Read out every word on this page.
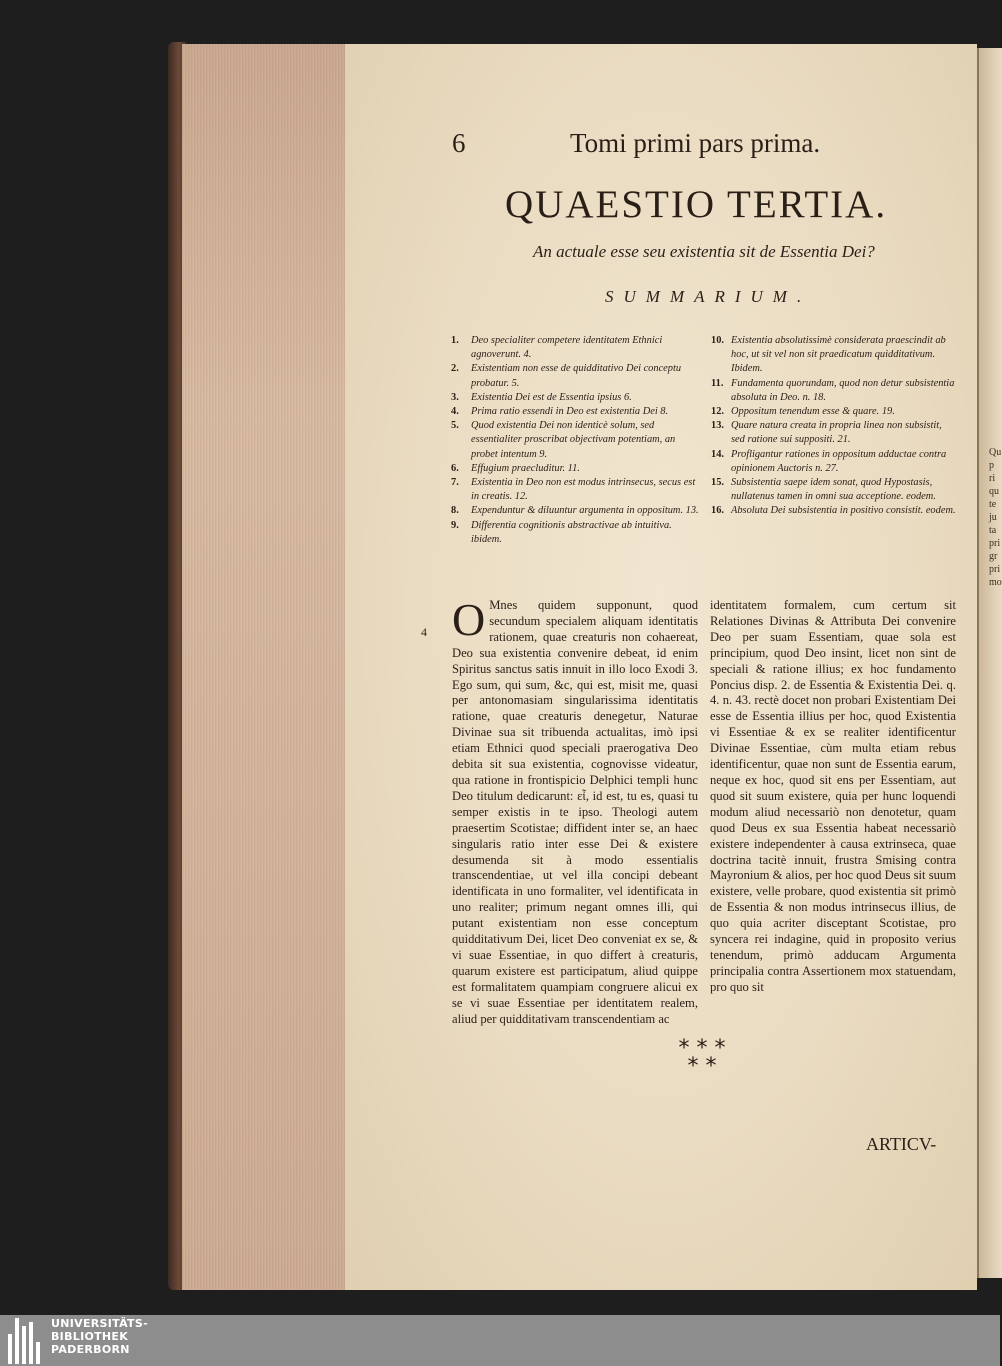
Qu
p
ri
qu
te
ju
ta
pri
gr
pri
mo
6	Tomi primi pars prima.
QUAESTIO TERTIA.
An actuale esse seu existentia sit de Essentia Dei?
SUMMARIUM.
1.	Deo specialiter competere identitatem Ethnici agnoverunt. 4.
2.	Existentiam non esse de quidditativo Dei conceptu probatur. 5.
3.	Existentia Dei est de Essentia ipsius 6.
4.	Prima ratio essendi in Deo est existentia Dei 8.
5.	Quod existentia Dei non identicè solum, sed essentialiter proscribat objectivam potentiam, an probet intentum 9.
6.	Effugium praecluditur. 11.
7.	Existentia in Deo non est modus intrinsecus, secus est in creatis. 12.
8.	Expenduntur & diluuntur argumenta in oppositum. 13.
9.	Differentia cognitionis abstractivae ab intuitiva. ibidem.
10. Existentia absolutissimè considerata praescindit ab hoc, ut sit vel non sit praedicatum quidditativum. Ibidem.
11. Fundamenta quorundam, quod non detur subsistentia absoluta in Deo. n. 18.
12. Oppositum tenendum esse & quare. 19.
13. Quare natura creata in propria linea non subsistit, sed ratione sui suppositi. 21.
14. Profligantur rationes in oppositum adductae contra opinionem Auctoris n. 27.
15. Subsistentia saepe idem sonat, quod Hypostasis, nullatenus tamen in omni sua acceptione. eodem.
16. Absoluta Dei subsistentia in positivo consistit. eodem.
4 O Mnes quidem supponunt, quod secundum specialem aliquam identitatis rationem, quae creaturis non cohaereat, Deo sua existentia convenire debeat, id enim Spiritus sanctus satis innuit in illo loco Exodi 3. Ego sum, qui sum, &c, qui est, misit me, quasi per antonomasiam singularissima identitatis ratione, quae creaturis denegetur, Naturae Divinae sua sit tribuenda actualitas, imò ipsi etiam Ethnici quod speciali praerogativa Deo debita sit sua existentia, cognovisse videatur, qua ratione in frontispicio Delphici templi hunc Deo titulum dedicarunt: εἶ, id est, tu es, quasi tu semper existis in te ipso. Theologi autem praesertim Scotistae; diffident inter se, an haec singularis ratio inter esse Dei & existere desumenda sit à modo essentialis transcendentiae, ut vel illa concipi debeant identificata in uno formaliter, vel identificata in uno realiter; primum negant omnes illi, qui putant existentiam non esse conceptum quidditativum Dei, licet Deo conveniat ex se, & vi suae Essentiae, in quo differt à creaturis, quarum existere est participatum, aliud quippe est formalitatem quampiam congruere alicui ex se vi suae Essentiae per identitatem realem, aliud per quidditativam transcendentiam ac
identitatem formalem, cum certum sit Relationes Divinas & Attributa Dei convenire Deo per suam Essentiam, quae sola est principium, quod Deo insint, licet non sint de speciali & ratione illius; ex hoc fundamento Poncius disp. 2. de Essentia & Existentia Dei. q. 4. n. 43. rectè docet non probari Existentiam Dei esse de Essentia illius per hoc, quod Existentia vi Essentiae & ex se realiter identificentur Divinae Essentiae, cùm multa etiam rebus identificentur, quae non sunt de Essentia earum, neque ex hoc, quod sit ens per Essentiam, aut quod sit suum existere, quia per hunc loquendi modum aliud necessariò non denotetur, quam quod Deus ex sua Essentia habeat necessariò existere independenter à causa extrinseca, quae doctrina tacitè innuit, frustra Smising contra Mayronium & alios, per hoc quod Deus sit suum existere, velle probare, quod existentia sit primò de Essentia & non modus intrinsecus illius, de quo quia acriter disceptant Scotistae, pro syncera rei indagine, quid in proposito verius tenendum, primò adducam Argumenta principalia contra Assertionem mox statuendam, pro quo sit
* * *
* *
ARTICV-
UNIVERSITÄTS-
BIBLIOTHEK
PADERBORN
